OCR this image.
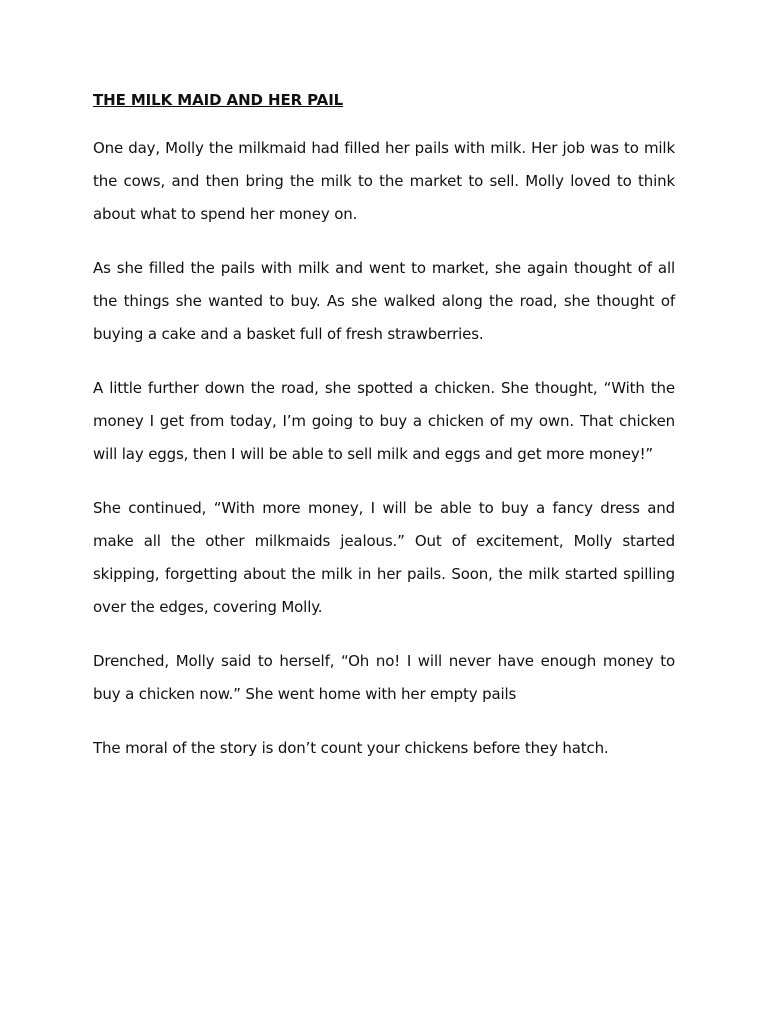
THE MILK MAID AND HER PAIL

One day, Molly the milkmaid had filled her pails with milk. Her job was to milk the cows, and then bring the milk to the market to sell. Molly loved to think about what to spend her money on.

As she filled the pails with milk and went to market, she again thought of all the things she wanted to buy. As she walked along the road, she thought of buying a cake and a basket full of fresh strawberries.

A little further down the road, she spotted a chicken. She thought, “With the money I get from today, I’m going to buy a chicken of my own. That chicken will lay eggs, then I will be able to sell milk and eggs and get more money!”

She continued, “With more money, I will be able to buy a fancy dress and make all the other milkmaids jealous.” Out of excitement, Molly started skipping, forgetting about the milk in her pails. Soon, the milk started spilling over the edges, covering Molly.

Drenched, Molly said to herself, “Oh no! I will never have enough money to buy a chicken now.” She went home with her empty pails

The moral of the story is don’t count your chickens before they hatch.
